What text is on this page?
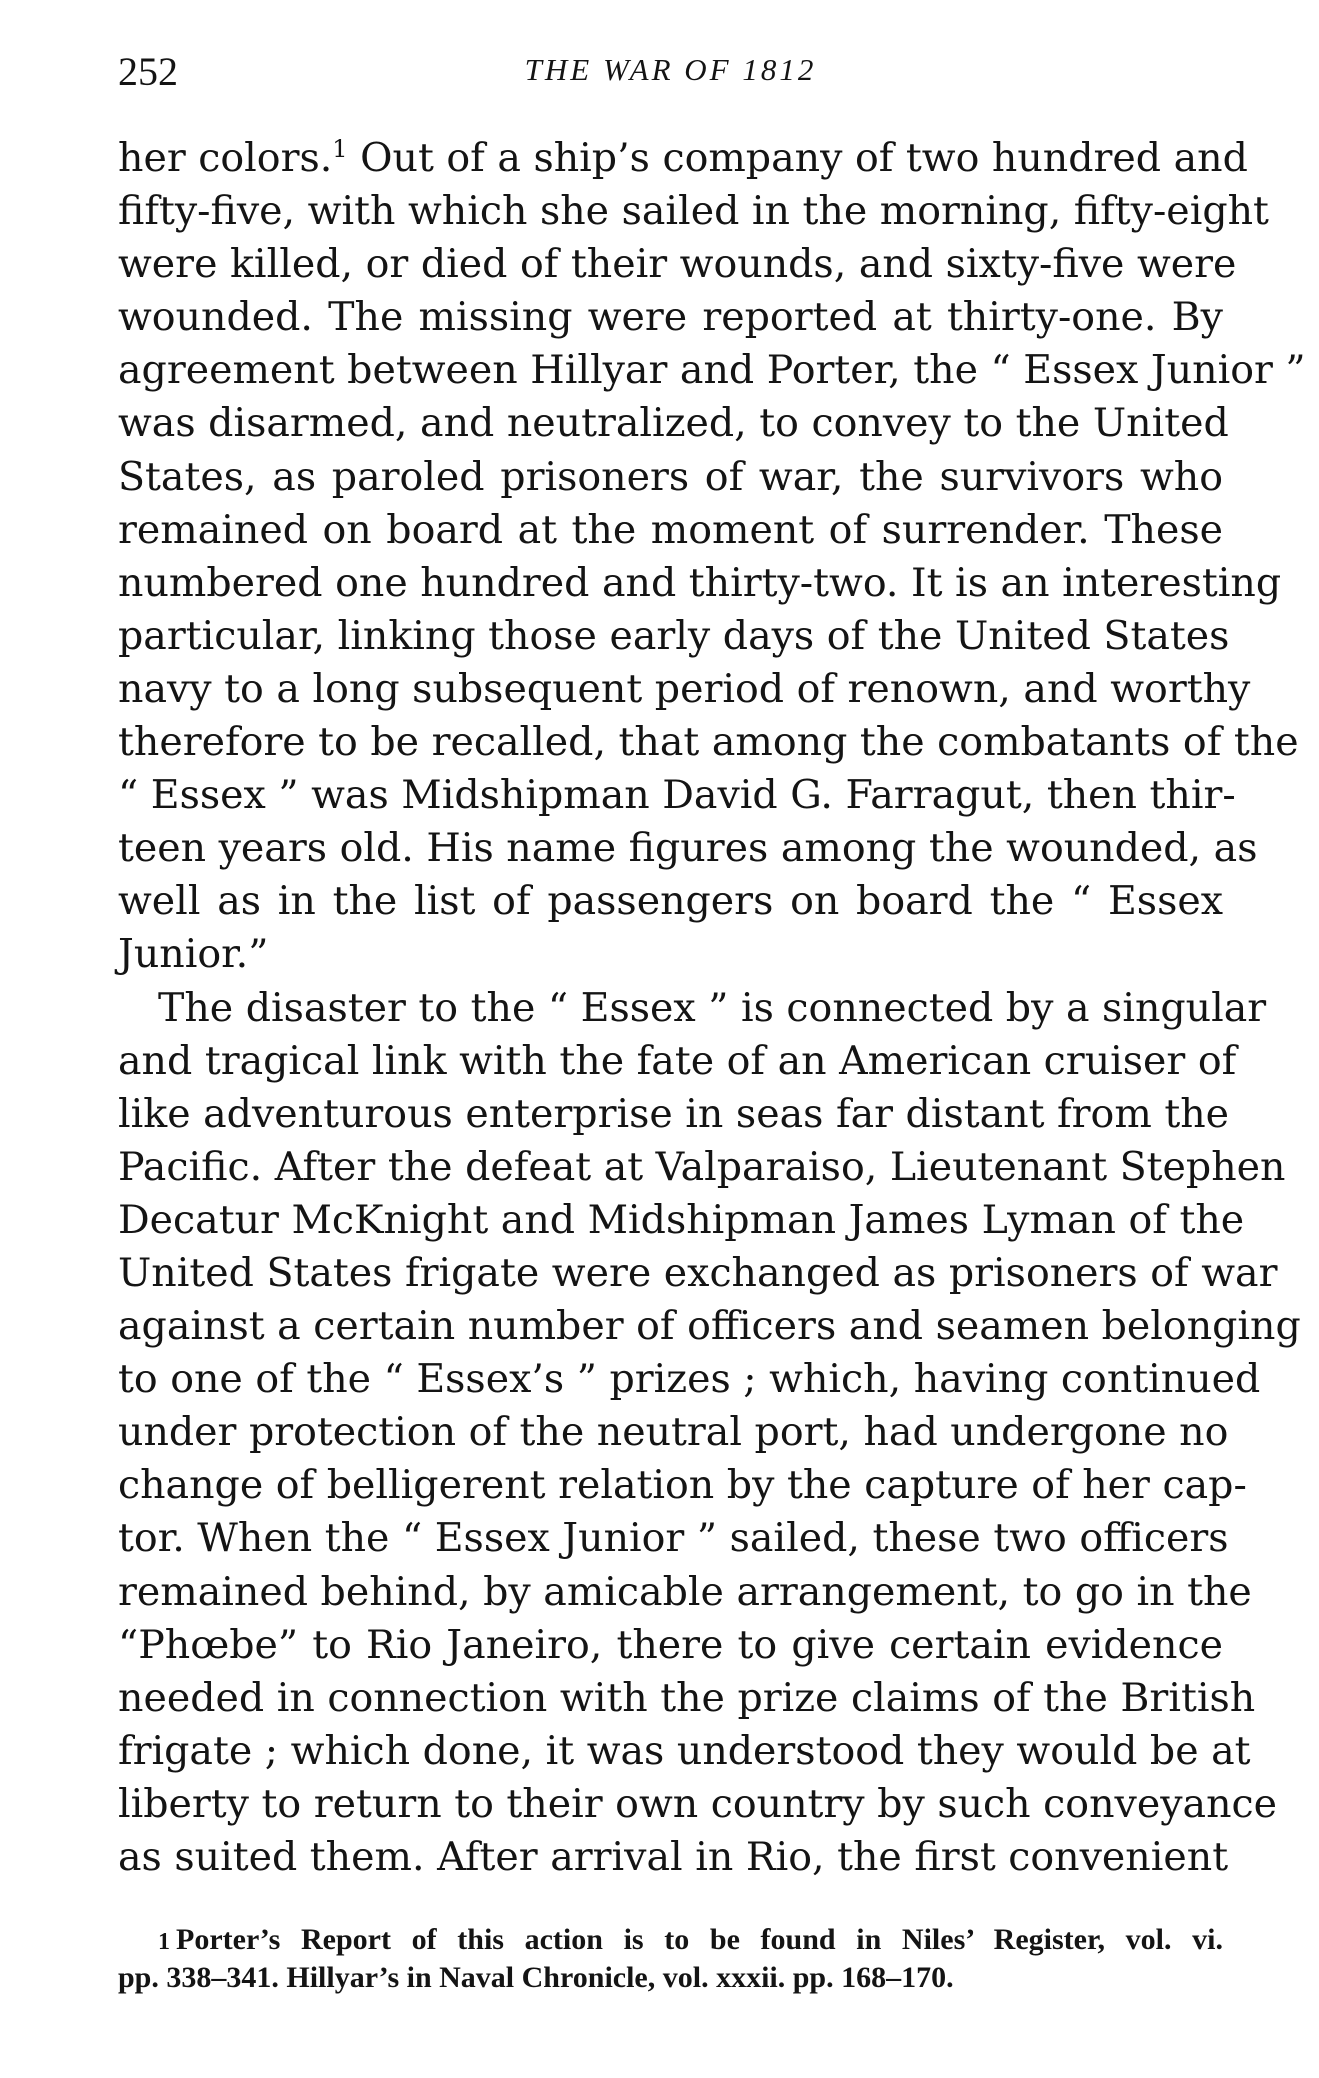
252	THE WAR OF 1812
her colors.$^1$ Out of a ship’s company of two hundred and
fifty-five, with which she sailed in the morning, fifty-eight
were killed, or died of their wounds, and sixty-five were
wounded. The missing were reported at thirty-one. By
agreement between Hillyar and Porter, the “ Essex Junior ”
was disarmed, and neutralized, to convey to the United
States, as paroled prisoners of war, the survivors who
remained on board at the moment of surrender. These
numbered one hundred and thirty-two. It is an interesting
particular, linking those early days of the United States
navy to a long subsequent period of renown, and worthy
therefore to be recalled, that among the combatants of the
“ Essex ” was Midshipman David G. Farragut, then thir-
teen years old. His name figures among the wounded, as
well as in the list of passengers on board the “ Essex
Junior.”
The disaster to the “ Essex ” is connected by a singular
and tragical link with the fate of an American cruiser of
like adventurous enterprise in seas far distant from the
Pacific. After the defeat at Valparaiso, Lieutenant Stephen
Decatur McKnight and Midshipman James Lyman of the
United States frigate were exchanged as prisoners of war
against a certain number of officers and seamen belonging
to one of the “ Essex’s ” prizes ; which, having continued
under protection of the neutral port, had undergone no
change of belligerent relation by the capture of her cap-
tor. When the “ Essex Junior ” sailed, these two officers
remained behind, by amicable arrangement, to go in the
“Phœbe” to Rio Janeiro, there to give certain evidence
needed in connection with the prize claims of the British
frigate ; which done, it was understood they would be at
liberty to return to their own country by such conveyance
as suited them. After arrival in Rio, the first convenient
1 Porter’s Report of this action is to be found in Niles’ Register, vol. vi.
pp. 338–341. Hillyar’s in Naval Chronicle, vol. xxxii. pp. 168–170.
